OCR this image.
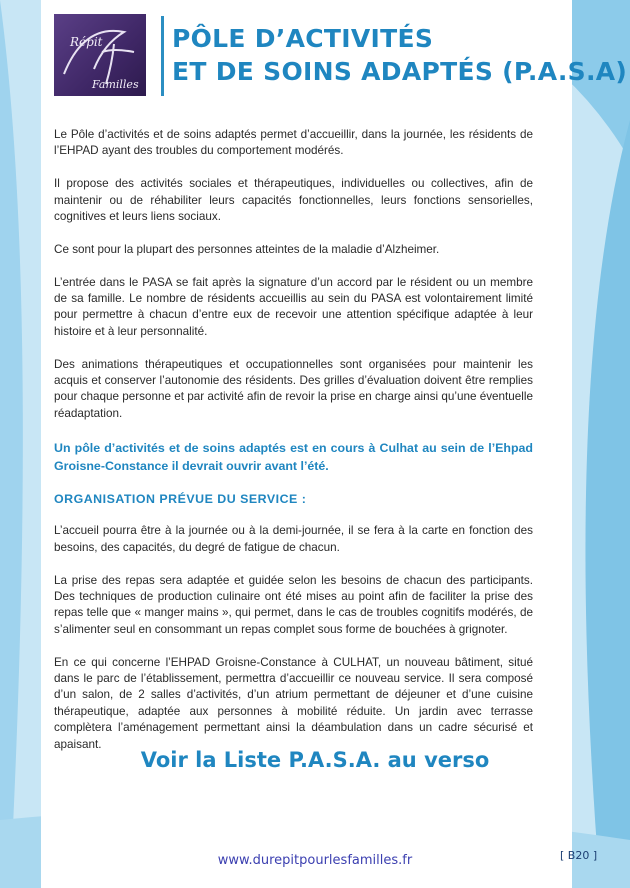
Répit
Familles
PÔLE D’ACTIVITÉS
ET DE SOINS ADAPTÉS (P.A.S.A)

Le Pôle d’activités et de soins adaptés permet d’accueillir, dans la journée, les résidents de l’EHPAD ayant des troubles du comportement modérés.

Il propose des activités sociales et thérapeutiques, individuelles ou collectives, afin de maintenir ou de réhabiliter leurs capacités fonctionnelles, leurs fonctions sensorielles, cognitives et leurs liens sociaux.

Ce sont pour la plupart des personnes atteintes de la maladie d’Alzheimer.

L’entrée dans le PASA se fait après la signature d’un accord par le résident ou un membre de sa famille. Le nombre de résidents accueillis au sein du PASA est volontairement limité pour permettre à chacun d’entre eux de recevoir une attention spécifique adaptée à leur histoire et à leur personnalité.

Des animations thérapeutiques et occupationnelles sont organisées pour maintenir les acquis et conserver l’autonomie des résidents. Des grilles d’évaluation doivent être remplies pour chaque personne et par activité afin de revoir la prise en charge ainsi qu’une éventuelle réadaptation.

Un pôle d’activités et de soins adaptés est en cours à Culhat au sein de l’Ehpad Groisne-Constance il devrait ouvrir avant l’été.

ORGANISATION PRÉVUE DU SERVICE :

L’accueil pourra être à la journée ou à la demi-journée, il se fera à la carte en fonction des besoins, des capacités, du degré de fatigue de chacun.

La prise des repas sera adaptée et guidée selon les besoins de chacun des participants. Des techniques de production culinaire ont été mises au point afin de faciliter la prise des repas telle que « manger mains », qui permet, dans le cas de troubles cognitifs modérés, de s’alimenter seul en consommant un repas complet sous forme de bouchées à grignoter.

En ce qui concerne l’EHPAD Groisne-Constance à CULHAT, un nouveau bâtiment, situé dans le parc de l’établissement, permettra d’accueillir ce nouveau service. Il sera composé d’un salon, de 2 salles d’activités, d’un atrium permettant de déjeuner et d’une cuisine thérapeutique, adaptée aux personnes à mobilité réduite. Un jardin avec terrasse complètera l’aménagement permettant ainsi la déambulation dans un cadre sécurisé et apaisant.

Voir la Liste P.A.S.A. au verso
www.durepitpourlesfamilles.fr	[ B20 ]
